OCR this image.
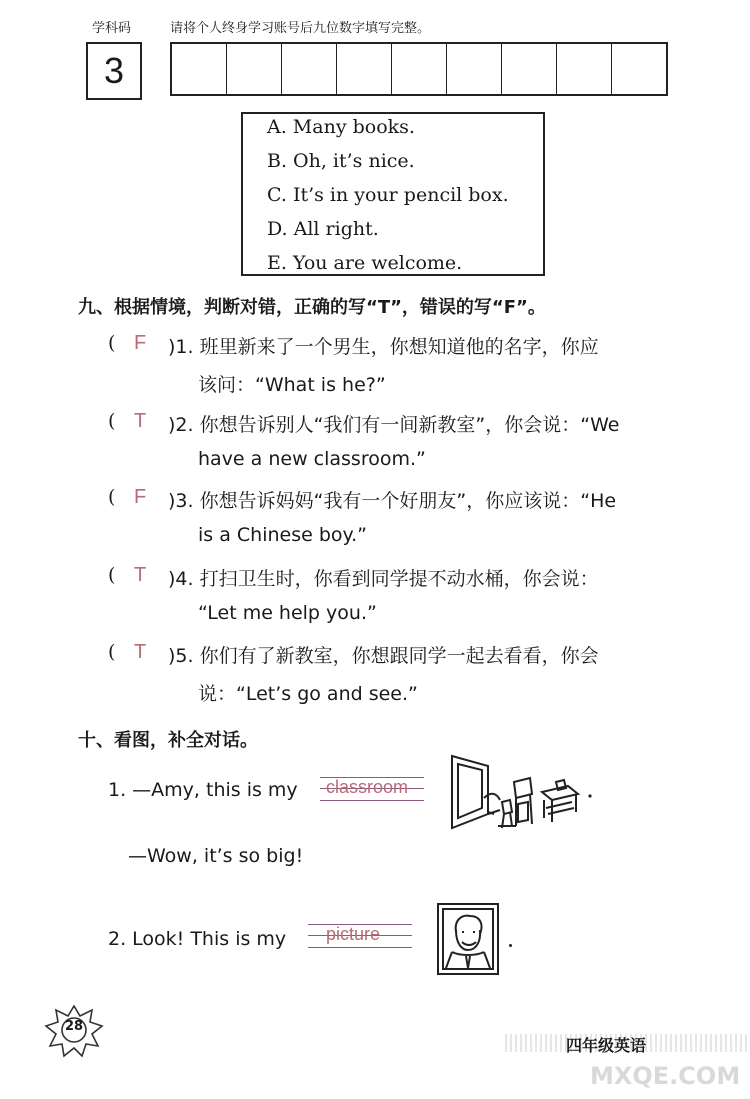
学科码	请将个人终身学习账号后九位数字填写完整。
3
A. Many books.
B. Oh, it’s nice.
C. It’s in your pencil box.
D. All right.
E. You are welcome.
九、根据情境，判断对错，正确的写“T”，错误的写“F”。
( F )1. 班里新来了一个男生，你想知道他的名字，你应
该问：“What is he?”
( T )2. 你想告诉别人“我们有一间新教室”，你会说：“We
have a new classroom.”
( F )3. 你想告诉妈妈“我有一个好朋友”，你应该说：“He
is a Chinese boy.”
( T )4. 打扫卫生时，你看到同学提不动水桶，你会说：
“Let me help you.”
( T )5. 你们有了新教室，你想跟同学一起去看看，你会
说：“Let’s go and see.”
十、看图，补全对话。
1. —Amy, this is my classroom
—Wow, it’s so big!
2. Look! This is my picture
28
四年级英语
MXQE.COM
